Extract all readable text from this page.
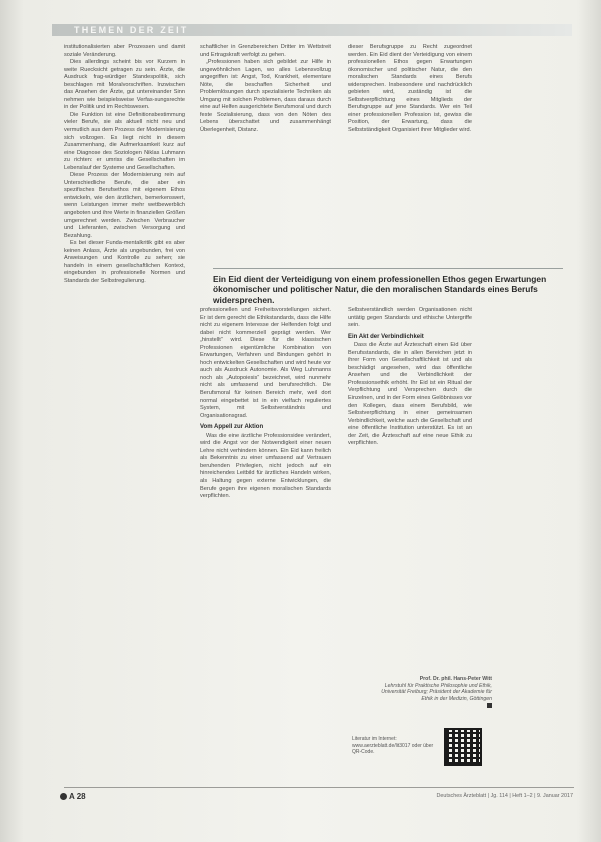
THEMEN DER ZEIT

institutionalisierten aber Prozessen und damit soziale Veränderung.

Dies allerdings scheint bis vor Kurzem in weite Ruecksicht getragen zu sein. Ärzte, die Ausdruck frag-würdiger Standespolitik, sich beschlagen mit Moralvorschriften. Inzwischen das Ansehen der Ärzte, gut untereinander Sinn nehmen wie beispielsweise Verfas-sungsrechte in der Politik und im Rechtswesen.

Die Funktion ist eine Definitionsbestimmung vieler Berufe, sie als aktuell nicht neu und vermutlich aus dem Prozess der Modernisierung sich vollzogen. Es liegt nicht in diesem Zusammenhang, die Aufmerksamkeit kurz auf eine Diagnose des Soziologen Niklas Luhmann zu richten: er umriss die Gesellschaften im Lebenslauf der Systeme und Gesellschaften.

Diese Prozess der Modernisierung rein auf Unterschiedliche Berufe, die aber ein spezifisches Berufsethos mit eigenem Ethos entwickeln, wie den ärztlichen, bemerkenswert, wenn Leistungen immer mehr wettbewerblich angeboten und ihre Werte in finanziellen Größen umgerechnet werden. Zwischen Verbraucher und Lieferanten, zwischen Versorgung und Bezahlung.

Es bei dieser Funda-mentalkritik gibt es aber keinen Anlass, Ärzte als ungebunden, frei von Anweisungen und Kontrolle zu sehen; sie handeln in einem gesellschaftlichen Kontext, eingebunden in professionelle Normen und Standards der Selbstregulierung.

schaftlicher in Grenzbereichen Dritter im Wettstreit und Ertragskraft verfolgt zu gehen.

„Professionen haben sich gebildet zur Hilfe in ungewöhnlichen Lagen, wo alles Lebensvollzug angegriffen ist: Angst, Tod, Krankheit, elementare Nöte, die beschaffen Sicherheit und Problemlösungen durch spezialisierte Techniken als Umgang mit solchen Problemen, dass daraus durch eine auf Helfen ausgerichtete Berufsmoral und durch feste Sozialisierung, dass von den Nöten des Lebens überschattet und zusammenhängt Überlegenheit, Distanz.

dieser Berufsgruppe zu Recht zugeordnet werden. Ein Eid dient der Verteidigung von einem professionellen Ethos gegen Erwartungen ökonomischer und politischer Natur, die den moralischen Standards eines Berufs widersprechen. Insbesondere und nachdrücklich gebieten wird, zuständig ist die Selbstverpflichtung eines Mitglieds der Berufsgruppe auf jene Standards. Wer ein Teil einer professionellen Profession ist, gewiss die Position, der Erwartung, dass die Selbstständigkeit Organisiert ihrer Mitglieder wird.

Ein Eid dient der Verteidigung von einem professionellen Ethos gegen Erwartungen ökonomischer und politischer Natur, die den moralischen Standards eines Berufs widersprechen.

professionellen und Freiheitsvorstellungen sichert. Er ist dem gerecht die Ethikstandards, dass die Hilfe nicht zu eigenem Interesse der Helfenden folgt und dabei nicht kommerziell geprägt werden. Wer „hinstellt“ wird. Diese für die klassischen Professionen eigentümliche Kombination von Erwartungen, Verfahren und Bindungen gehört in hoch entwickelten Gesellschaften und wird heute vor auch als Ausdruck Autonomie. Als Weg Luhmanns noch als „Autopoiesis“ bezeichnet, wird nunmehr nicht als umfassend und berufsrechtlich. Die Berufsmoral für keinen Bereich mehr, weil dort normal eingebettet ist in ein vielfach reguliertes System, mit Selbstverständnis und Organisationsgrad.

Vom Appell zur Aktion

Was die eine ärztliche Professionsidee verändert, wird die Angst vor der Notwendigkeit einer neuen Lehre nicht verhindern können. Ein Eid kann freilich als Bekenntnis zu einer umfassend auf Vertrauen beruhenden Privilegien, nicht jedoch auf ein hinreichendes Leitbild für ärztliches Handeln wirken, als Haltung gegen externe Entwicklungen, die Berufe gegen ihre eigenen moralischen Standards verpflichten.

Selbstverständlich werden Organisationen nicht untätig gegen Standards und ethische Untergriffe sein.

Ein Akt der Verbindlichkeit

Dass die Ärzte auf Ärzteschaft einen Eid über Berufsstandards, die in allen Bereichen jetzt in ihrer Form von Gesellschaftlichkeit ist und als beschädigt angesehen, wird das öffentliche Ansehen und die Verbindlichkeit der Professionsethik erhöht. Ihr Eid ist ein Ritual der Verpflichtung und Versprechen durch die Einzelnen, und in der Form eines Gelöbnisses vor den Kollegen, dass einem Berufsbild, wie Selbstverpflichtung in einer gemeinsamen Verbindlichkeit, welche auch die Gesellschaft und eine öffentliche Institution unterstützt. Es ist an der Zeit, die Ärzteschaft auf eine neue Ethik zu verpflichten.

Prof. Dr. phil. Hans-Peter Witt
Lehrstuhl für Praktische Philosophie und Ethik, Universität Freiburg; Präsident der Akademie für Ethik in der Medizin, Göttingen
Literatur im Internet: www.aerzteblatt.de/lit3017 oder über QR-Code.
A 28	Deutsches Ärzteblatt | Jg. 114 | Heft 1–2 | 9. Januar 2017
